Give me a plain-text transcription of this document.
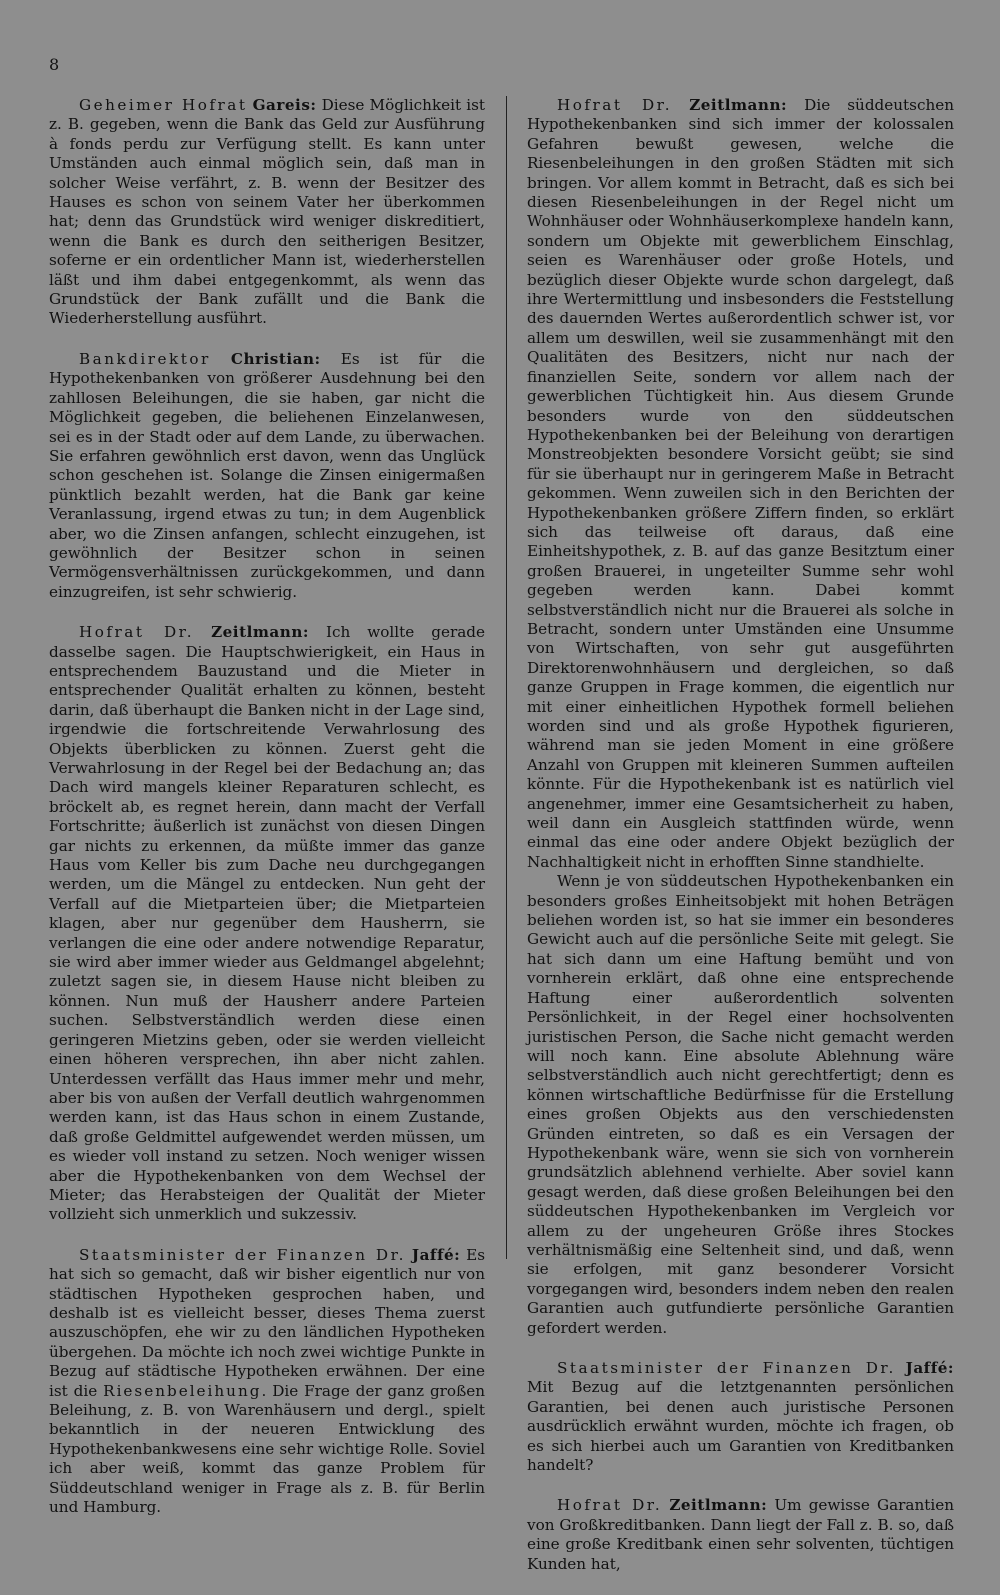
8

Geheimer Hofrat Gareis: Diese Möglichkeit ist z. B. gegeben, wenn die Bank das Geld zur Ausführung à fonds perdu zur Verfügung stellt. Es kann unter Umständen auch einmal möglich sein, daß man in solcher Weise verfährt, z. B. wenn der Besitzer des Hauses es schon von seinem Vater her überkommen hat; denn das Grundstück wird weniger diskreditiert, wenn die Bank es durch den seitherigen Besitzer, soferne er ein ordentlicher Mann ist, wiederherstellen läßt und ihm dabei entgegenkommt, als wenn das Grundstück der Bank zufällt und die Bank die Wiederherstellung ausführt.

Bankdirektor Christian: Es ist für die Hypothekenbanken von größerer Ausdehnung bei den zahllosen Beleihungen, die sie haben, gar nicht die Möglichkeit gegeben, die beliehenen Einzelanwesen, sei es in der Stadt oder auf dem Lande, zu überwachen. Sie erfahren gewöhnlich erst davon, wenn das Unglück schon geschehen ist. Solange die Zinsen einigermaßen pünktlich bezahlt werden, hat die Bank gar keine Veranlassung, irgend etwas zu tun; in dem Augenblick aber, wo die Zinsen anfangen, schlecht einzugehen, ist gewöhnlich der Besitzer schon in seinen Vermögensverhältnissen zurückgekommen, und dann einzugreifen, ist sehr schwierig.

Hofrat Dr. Zeitlmann: Ich wollte gerade dasselbe sagen. Die Hauptschwierigkeit, ein Haus in entsprechendem Bauzustand und die Mieter in entsprechender Qualität erhalten zu können, besteht darin, daß überhaupt die Banken nicht in der Lage sind, irgendwie die fortschreitende Verwahrlosung des Objekts überblicken zu können. Zuerst geht die Verwahrlosung in der Regel bei der Bedachung an; das Dach wird mangels kleiner Reparaturen schlecht, es bröckelt ab, es regnet herein, dann macht der Verfall Fortschritte; äußerlich ist zunächst von diesen Dingen gar nichts zu erkennen, da müßte immer das ganze Haus vom Keller bis zum Dache neu durchgegangen werden, um die Mängel zu entdecken. Nun geht der Verfall auf die Mietparteien über; die Mietparteien klagen, aber nur gegenüber dem Hausherrn, sie verlangen die eine oder andere notwendige Reparatur, sie wird aber immer wieder aus Geldmangel abgelehnt; zuletzt sagen sie, in diesem Hause nicht bleiben zu können. Nun muß der Hausherr andere Parteien suchen. Selbstverständlich werden diese einen geringeren Mietzins geben, oder sie werden vielleicht einen höheren versprechen, ihn aber nicht zahlen. Unterdessen verfällt das Haus immer mehr und mehr, aber bis von außen der Verfall deutlich wahrgenommen werden kann, ist das Haus schon in einem Zustande, daß große Geldmittel aufgewendet werden müssen, um es wieder voll instand zu setzen. Noch weniger wissen aber die Hypothekenbanken von dem Wechsel der Mieter; das Herabsteigen der Qualität der Mieter vollzieht sich unmerklich und sukzessiv.

Staatsminister der Finanzen Dr. Jaffé: Es hat sich so gemacht, daß wir bisher eigentlich nur von städtischen Hypotheken gesprochen haben, und deshalb ist es vielleicht besser, dieses Thema zuerst auszuschöpfen, ehe wir zu den ländlichen Hypotheken übergehen. Da möchte ich noch zwei wichtige Punkte in Bezug auf städtische Hypotheken erwähnen. Der eine ist die Riesenbeleihung. Die Frage der ganz großen Beleihung, z. B. von Warenhäusern und dergl., spielt bekanntlich in der neueren Entwicklung des Hypothekenbankwesens eine sehr wichtige Rolle. Soviel ich aber weiß, kommt das ganze Problem für Süddeutschland weniger in Frage als z. B. für Berlin und Hamburg.

Hofrat Dr. Zeitlmann: Die süddeutschen Hypothekenbanken sind sich immer der kolossalen Gefahren bewußt gewesen, welche die Riesenbeleihungen in den großen Städten mit sich bringen. Vor allem kommt in Betracht, daß es sich bei diesen Riesenbeleihungen in der Regel nicht um Wohnhäuser oder Wohnhäuserkomplexe handeln kann, sondern um Objekte mit gewerblichem Einschlag, seien es Warenhäuser oder große Hotels, und bezüglich dieser Objekte wurde schon dargelegt, daß ihre Wertermittlung und insbesonders die Feststellung des dauernden Wertes außerordentlich schwer ist, vor allem um deswillen, weil sie zusammenhängt mit den Qualitäten des Besitzers, nicht nur nach der finanziellen Seite, sondern vor allem nach der gewerblichen Tüchtigkeit hin. Aus diesem Grunde besonders wurde von den süddeutschen Hypothekenbanken bei der Beleihung von derartigen Monstreobjekten besondere Vorsicht geübt; sie sind für sie überhaupt nur in geringerem Maße in Betracht gekommen. Wenn zuweilen sich in den Berichten der Hypothekenbanken größere Ziffern finden, so erklärt sich das teilweise oft daraus, daß eine Einheitshypothek, z. B. auf das ganze Besitztum einer großen Brauerei, in ungeteilter Summe sehr wohl gegeben werden kann. Dabei kommt selbstverständlich nicht nur die Brauerei als solche in Betracht, sondern unter Umständen eine Unsumme von Wirtschaften, von sehr gut ausgeführten Direktorenwohnhäusern und dergleichen, so daß ganze Gruppen in Frage kommen, die eigentlich nur mit einer einheitlichen Hypothek formell beliehen worden sind und als große Hypothek figurieren, während man sie jeden Moment in eine größere Anzahl von Gruppen mit kleineren Summen aufteilen könnte. Für die Hypothekenbank ist es natürlich viel angenehmer, immer eine Gesamtsicherheit zu haben, weil dann ein Ausgleich stattfinden würde, wenn einmal das eine oder andere Objekt bezüglich der Nachhaltigkeit nicht in erhofften Sinne standhielte.

Wenn je von süddeutschen Hypothekenbanken ein besonders großes Einheitsobjekt mit hohen Beträgen beliehen worden ist, so hat sie immer ein besonderes Gewicht auch auf die persönliche Seite mit gelegt. Sie hat sich dann um eine Haftung bemüht und von vornherein erklärt, daß ohne eine entsprechende Haftung einer außerordentlich solventen Persönlichkeit, in der Regel einer hochsolventen juristischen Person, die Sache nicht gemacht werden will noch kann. Eine absolute Ablehnung wäre selbstverständlich auch nicht gerechtfertigt; denn es können wirtschaftliche Bedürfnisse für die Erstellung eines großen Objekts aus den verschiedensten Gründen eintreten, so daß es ein Versagen der Hypothekenbank wäre, wenn sie sich von vornherein grundsätzlich ablehnend verhielte. Aber soviel kann gesagt werden, daß diese großen Beleihungen bei den süddeutschen Hypothekenbanken im Vergleich vor allem zu der ungeheuren Größe ihres Stockes verhältnismäßig eine Seltenheit sind, und daß, wenn sie erfolgen, mit ganz besonderer Vorsicht vorgegangen wird, besonders indem neben den realen Garantien auch gutfundierte persönliche Garantien gefordert werden.

Staatsminister der Finanzen Dr. Jaffé: Mit Bezug auf die letztgenannten persönlichen Garantien, bei denen auch juristische Personen ausdrücklich erwähnt wurden, möchte ich fragen, ob es sich hierbei auch um Garantien von Kreditbanken handelt?

Hofrat Dr. Zeitlmann: Um gewisse Garantien von Großkreditbanken. Dann liegt der Fall z. B. so, daß eine große Kreditbank einen sehr solventen, tüchtigen Kunden hat,
